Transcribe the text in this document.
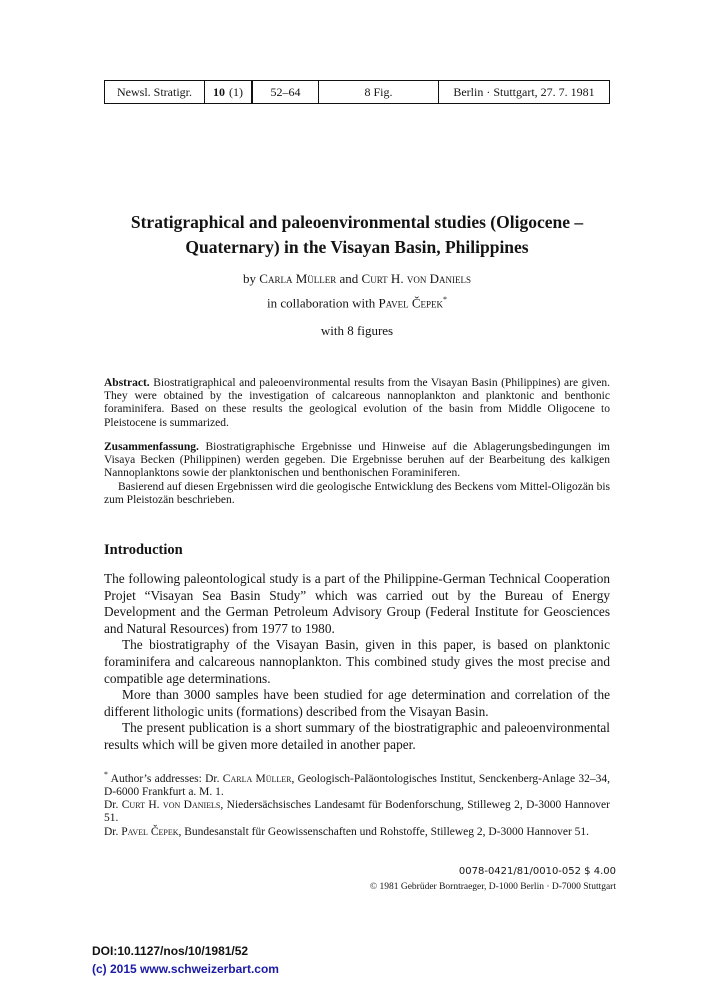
Newsl. Stratigr.	10 (1)	52–64	8 Fig.	Berlin · Stuttgart, 27. 7. 1981
Stratigraphical and paleoenvironmental studies (Oligocene – Quaternary) in the Visayan Basin, Philippines
by Carla Müller and Curt H. von Daniels
in collaboration with Pavel Čepek*
with 8 figures
Abstract. Biostratigraphical and paleoenvironmental results from the Visayan Basin (Philippines) are given. They were obtained by the investigation of calcareous nannoplankton and planktonic and benthonic foraminifera. Based on these results the geological evolution of the basin from Middle Oligocene to Pleistocene is summarized.
Zusammenfassung. Biostratigraphische Ergebnisse und Hinweise auf die Ablagerungsbedingungen im Visaya Becken (Philippinen) werden gegeben. Die Ergebnisse beruhen auf der Bearbeitung des kalkigen Nannoplanktons sowie der planktonischen und benthonischen Foraminiferen.
Basierend auf diesen Ergebnissen wird die geologische Entwicklung des Beckens vom Mittel-Oligozän bis zum Pleistozän beschrieben.
Introduction

The following paleontological study is a part of the Philippine-German Technical Cooperation Projet “Visayan Sea Basin Study” which was carried out by the Bureau of Energy Development and the German Petroleum Advisory Group (Federal Institute for Geosciences and Natural Resources) from 1977 to 1980.

The biostratigraphy of the Visayan Basin, given in this paper, is based on planktonic foraminifera and calcareous nannoplankton. This combined study gives the most precise and compatible age determinations.

More than 3000 samples have been studied for age determination and correlation of the different lithologic units (formations) described from the Visayan Basin.

The present publication is a short summary of the biostratigraphic and paleoenvironmental results which will be given more detailed in another paper.

* Author’s addresses: Dr. Carla Müller, Geologisch-Paläontologisches Institut, Senckenberg-Anlage 32–34, D-6000 Frankfurt a. M. 1.

Dr. Curt H. von Daniels, Niedersächsisches Landesamt für Bodenforschung, Stilleweg 2, D-3000 Hannover 51.

Dr. Pavel Čepek, Bundesanstalt für Geowissenschaften und Rohstoffe, Stilleweg 2, D-3000 Hannover 51.

0078-0421/81/0010-052 $ 4.00
© 1981 Gebrüder Borntraeger, D-1000 Berlin · D-7000 Stuttgart
DOI:10.1127/nos/10/1981/52
(c) 2015 www.schweizerbart.com
